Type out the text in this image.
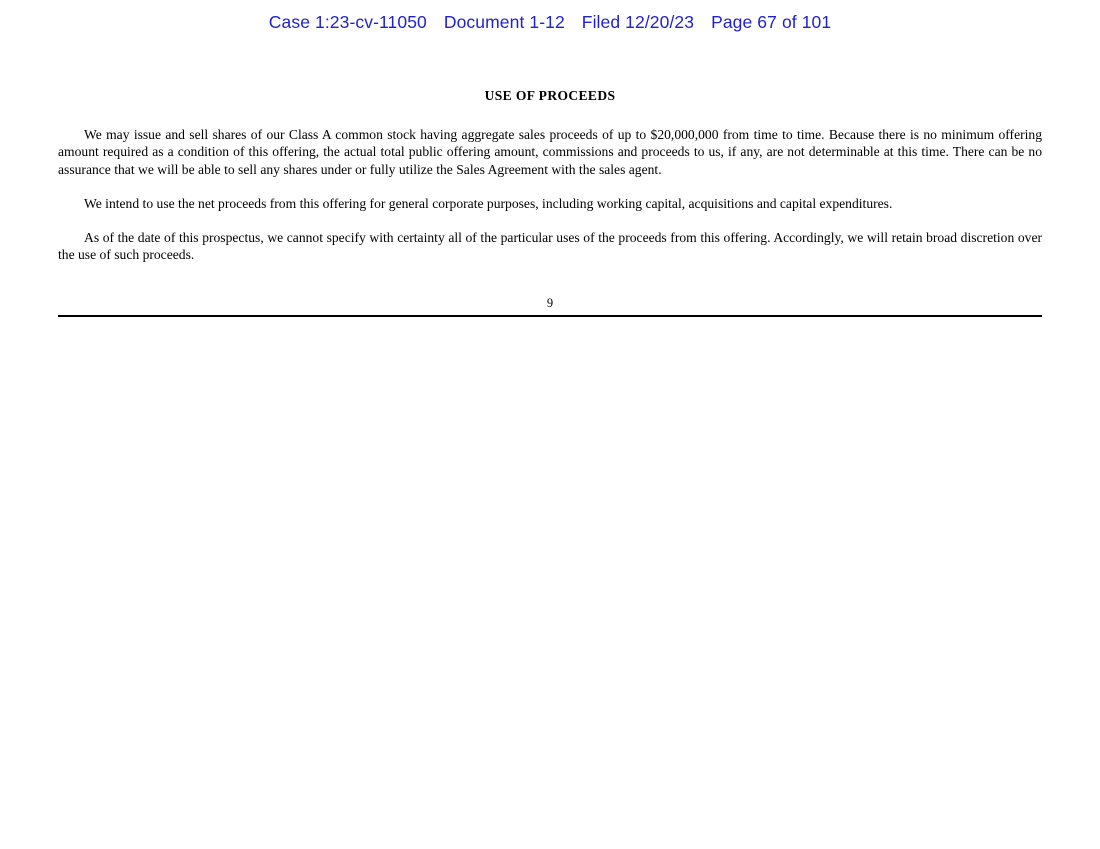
Case 1:23-cv-11050 Document 1-12 Filed 12/20/23 Page 67 of 101
USE OF PROCEEDS

We may issue and sell shares of our Class A common stock having aggregate sales proceeds of up to $20,000,000 from time to time. Because there is no minimum offering amount required as a condition of this offering, the actual total public offering amount, commissions and proceeds to us, if any, are not determinable at this time. There can be no assurance that we will be able to sell any shares under or fully utilize the Sales Agreement with the sales agent.

We intend to use the net proceeds from this offering for general corporate purposes, including working capital, acquisitions and capital expenditures.

As of the date of this prospectus, we cannot specify with certainty all of the particular uses of the proceeds from this offering. Accordingly, we will retain broad discretion over the use of such proceeds.

9
